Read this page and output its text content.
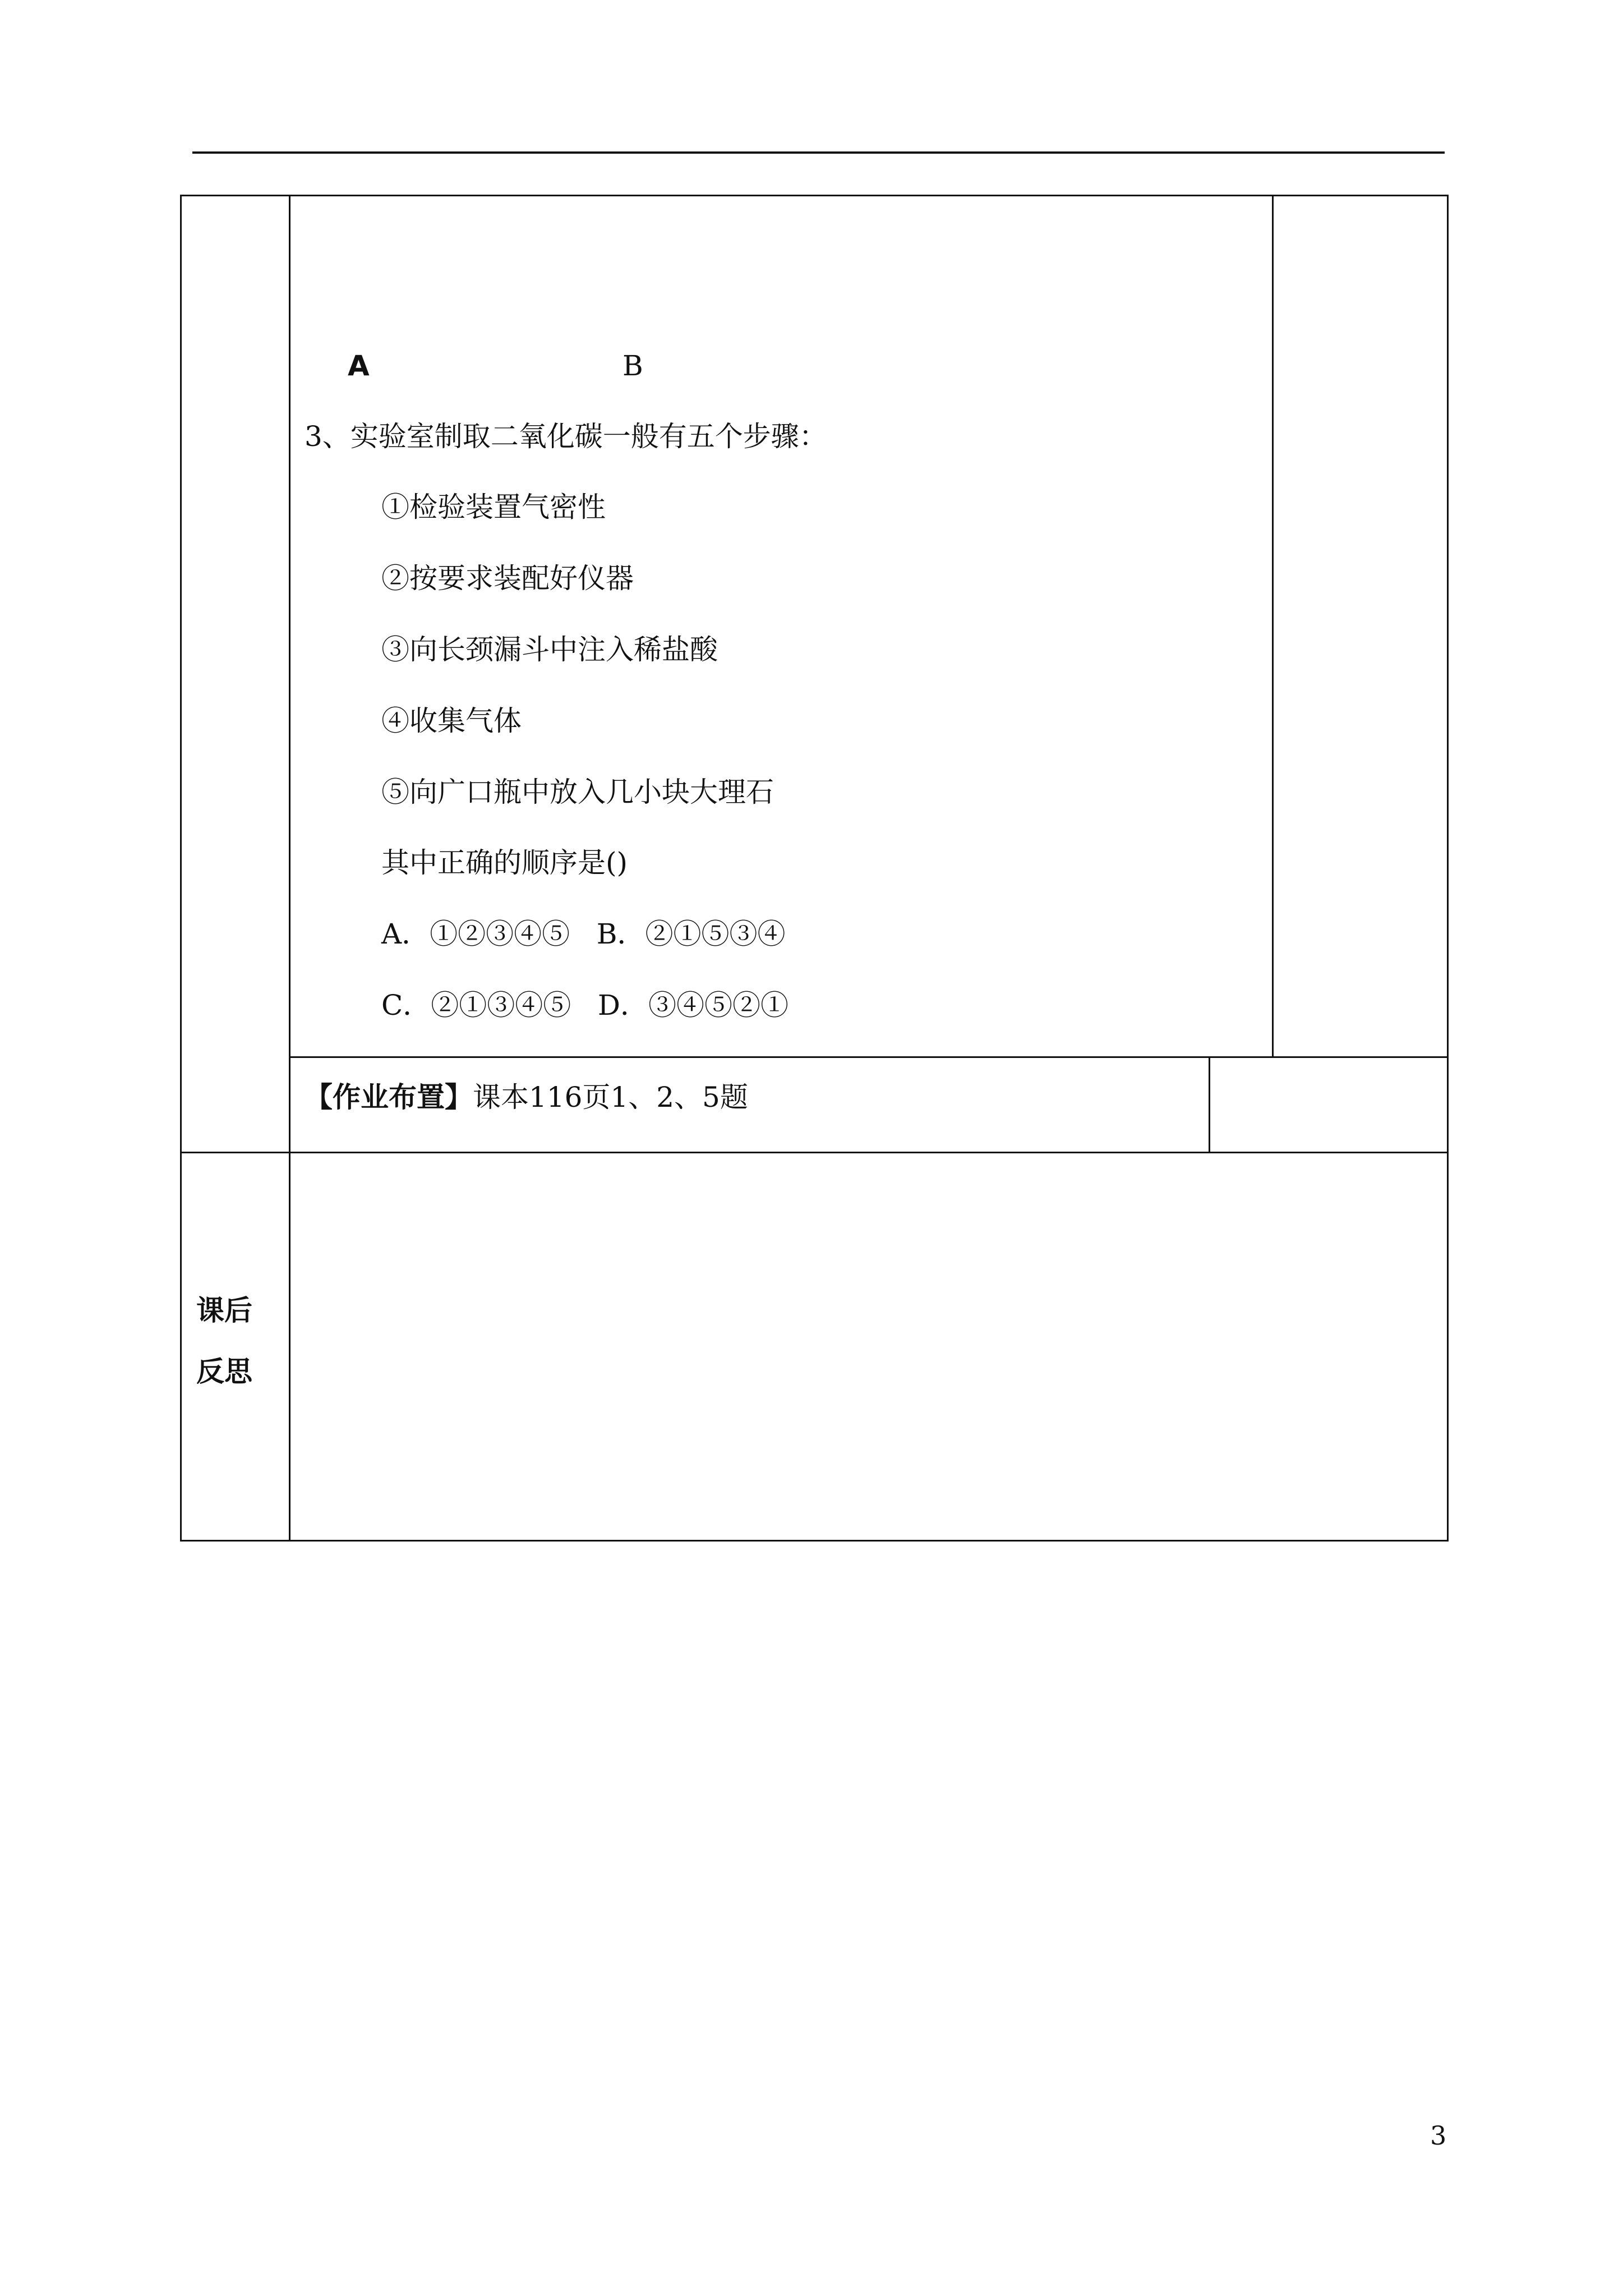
A	B
3、实验室制取二氧化碳一般有五个步骤：
①检验装置气密性
②按要求装配好仪器
③向长颈漏斗中注入稀盐酸
④收集气体
⑤向广口瓶中放入几小块大理石
其中正确的顺序是()
A．①②③④⑤   B．②①⑤③④
C．②①③④⑤   D．③④⑤②①
【作业布置】课本116页1、2、5题
课后
反思
3
